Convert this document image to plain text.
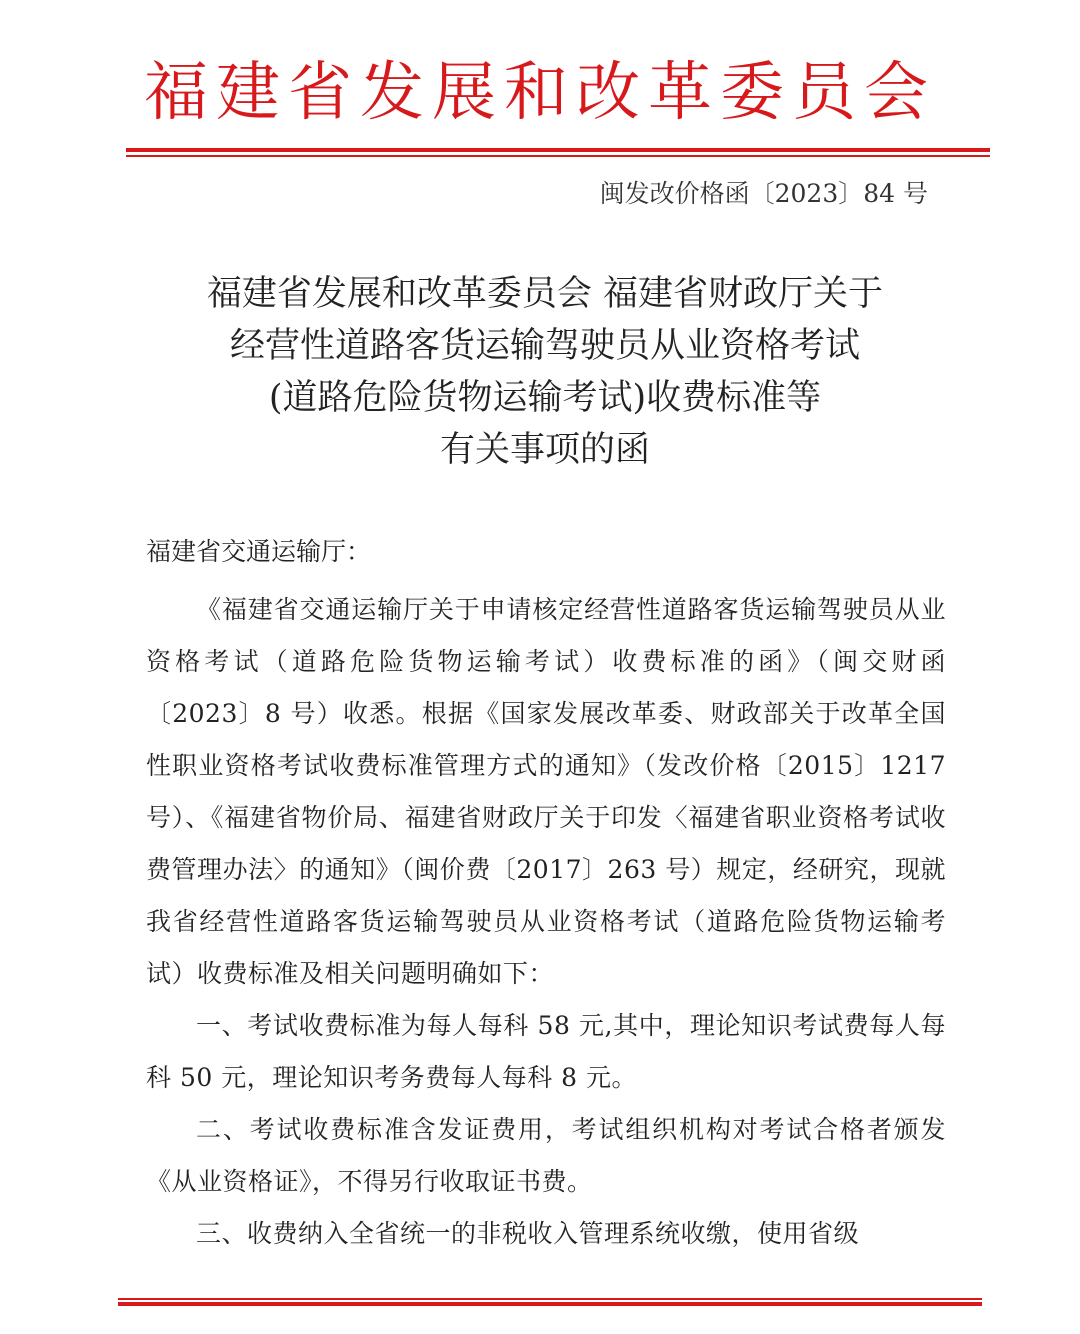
福建省发展和改革委员会
闽发改价格函〔2023〕84 号
福建省发展和改革委员会 福建省财政厅关于
经营性道路客货运输驾驶员从业资格考试
(道路危险货物运输考试)收费标准等
有关事项的函
福建省交通运输厅：

《福建省交通运输厅关于申请核定经营性道路客货运输驾驶员从业资格考试（道路危险货物运输考试）收费标准的函》（闽交财函〔2023〕8 号）收悉。根据《国家发展改革委、财政部关于改革全国性职业资格考试收费标准管理方式的通知》（发改价格〔2015〕1217 号）、《福建省物价局、福建省财政厅关于印发〈福建省职业资格考试收费管理办法〉的通知》（闽价费〔2017〕263 号）规定，经研究，现就我省经营性道路客货运输驾驶员从业资格考试（道路危险货物运输考试）收费标准及相关问题明确如下：

一、考试收费标准为每人每科 58 元,其中，理论知识考试费每人每科 50 元，理论知识考务费每人每科 8 元。

二、考试收费标准含发证费用，考试组织机构对考试合格者颁发《从业资格证》，不得另行收取证书费。

三、收费纳入全省统一的非税收入管理系统收缴，使用省级
